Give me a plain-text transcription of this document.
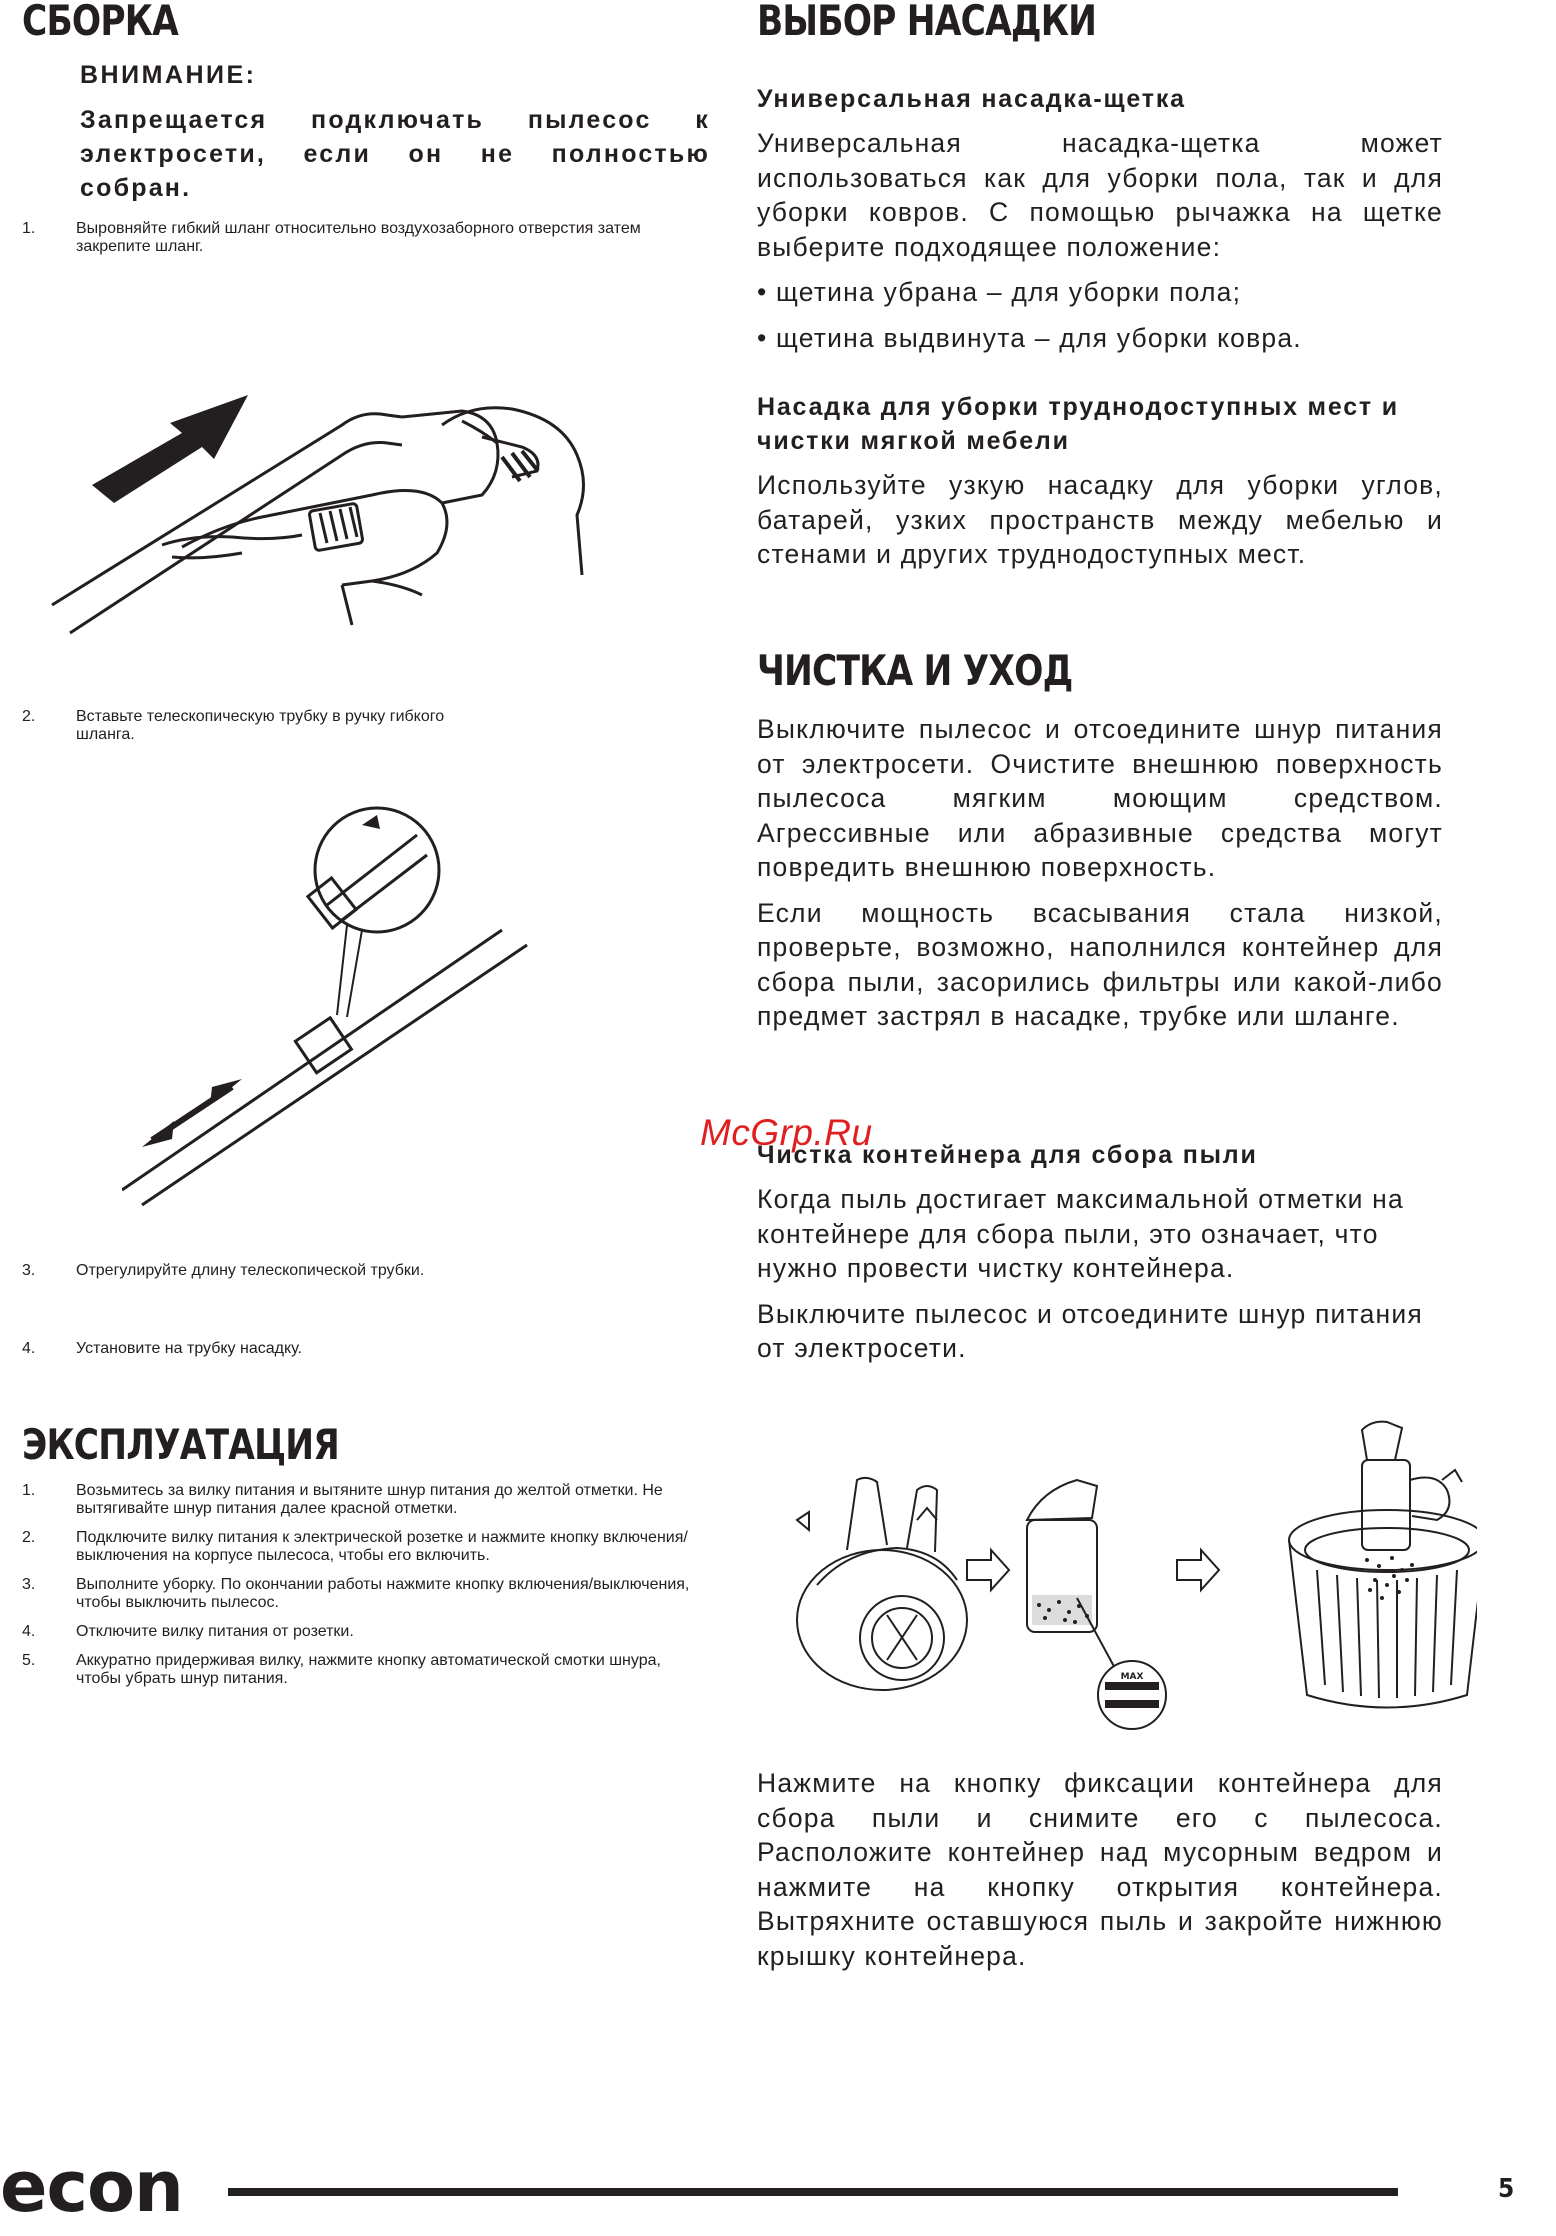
СБОРКА
ВНИМАНИЕ:
Запрещается подключать пылесос к электросети, если он не полностью собран.
1.	Выровняйте гибкий шланг относительно воздухозаборного отверстия затем закрепите шланг.
2.	Вставьте телескопическую трубку в ручку гибкого шланга.
3.	Отрегулируйте длину телескопической трубки.
4.	Установите на трубку насадку.
ЭКСПЛУАТАЦИЯ
1.	Возьмитесь за вилку питания и вытяните шнур питания до желтой отметки. Не вытягивайте шнур питания далее красной отметки.
2.	Подключите вилку питания к электрической розетке и нажмите кнопку включения/выключения на корпусе пылесоса, чтобы его включить.
3.	Выполните уборку. По окончании работы нажмите кнопку включения/выключения, чтобы выключить пылесос.
4.	Отключите вилку питания от розетки.
5.	Аккуратно придерживая вилку, нажмите кнопку автоматической смотки шнура, чтобы убрать шнур питания.
ВЫБОР НАСАДКИ
Универсальная насадка-щетка

Универсальная насадка-щетка может использоваться как для уборки пола, так и для уборки ковров. С помощью рычажка на щетке выберите подходящее положение:

• щетина убрана – для уборки пола;

• щетина выдвинута – для уборки ковра.

Насадка для уборки труднодоступных мест и чистки мягкой мебели

Используйте узкую насадку для уборки углов, батарей, узких пространств между мебелью и стенами и других труднодоступных мест.

ЧИСТКА И УХОД

Выключите пылесос и отсоедините шнур питания от электросети. Очистите внешнюю поверхность пылесоса мягким моющим средством. Агрессивные или абразивные средства могут повредить внешнюю поверхность.

Если мощность всасывания стала низкой, проверьте, возможно, наполнился контейнер для сбора пыли, засорились фильтры или какой-либо предмет застрял в насадке, трубке или шланге.

Чистка контейнера для сбора пыли

Когда пыль достигает максимальной отметки на контейнере для сбора пыли, это означает, что нужно провести чистку контейнера.

Выключите пылесос и отсоедините шнур питания от электросети.

MAX

Нажмите на кнопку фиксации контейнера для сбора пыли и снимите его с пылесоса. Расположите контейнер над мусорным ведром и нажмите на кнопку открытия контейнера. Вытряхните оставшуюся пыль и закройте нижнюю крышку контейнера.

McGrp.Ru
econ	5
